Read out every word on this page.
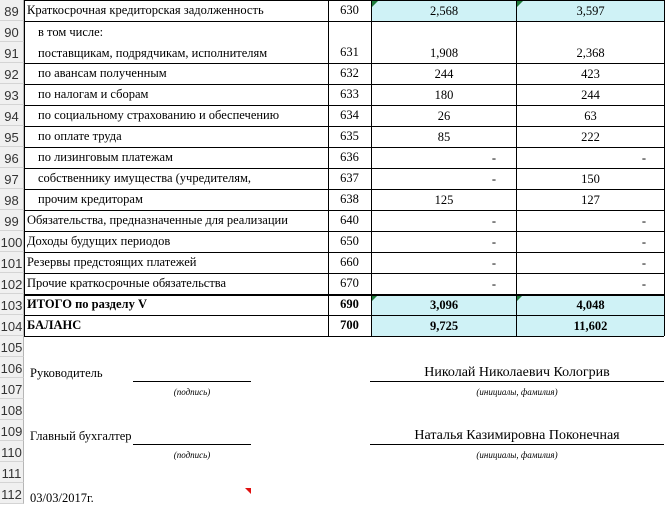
89
90
91
92
93
94
95
96
97
98
99
100
101
102
103
104
105
106
107
108
109
110
111
112
Краткосрочная кредиторская задолженность	630	2,568	3,597
в том числе:
поставщикам, подрядчикам, исполнителям	631	1,908	2,368
по авансам полученным	632	244	423
по налогам и сборам	633	180	244
по социальному страхованию и обеспечению	634	26	63
по оплате труда	635	85	222
по лизинговым платежам	636	-	-
собственнику имущества (учредителям,	637	-	150
прочим кредиторам	638	125	127
Обязательства, предназначенные для реализации	640	-	-
Доходы будущих периодов	650	-	-
Резервы предстоящих платежей	660	-	-
Прочие краткосрочные обязательства	670	-	-
ИТОГО по разделу V	690	3,096	4,048
БАЛАНС	700	9,725	11,602
Руководитель	Николай Николаевич Кологрив
(подпись)	(инициалы, фамилия)
Главный бухгалтер	Наталья Казимировна Поконечная
(подпись)	(инициалы, фамилия)
03/03/2017г.
